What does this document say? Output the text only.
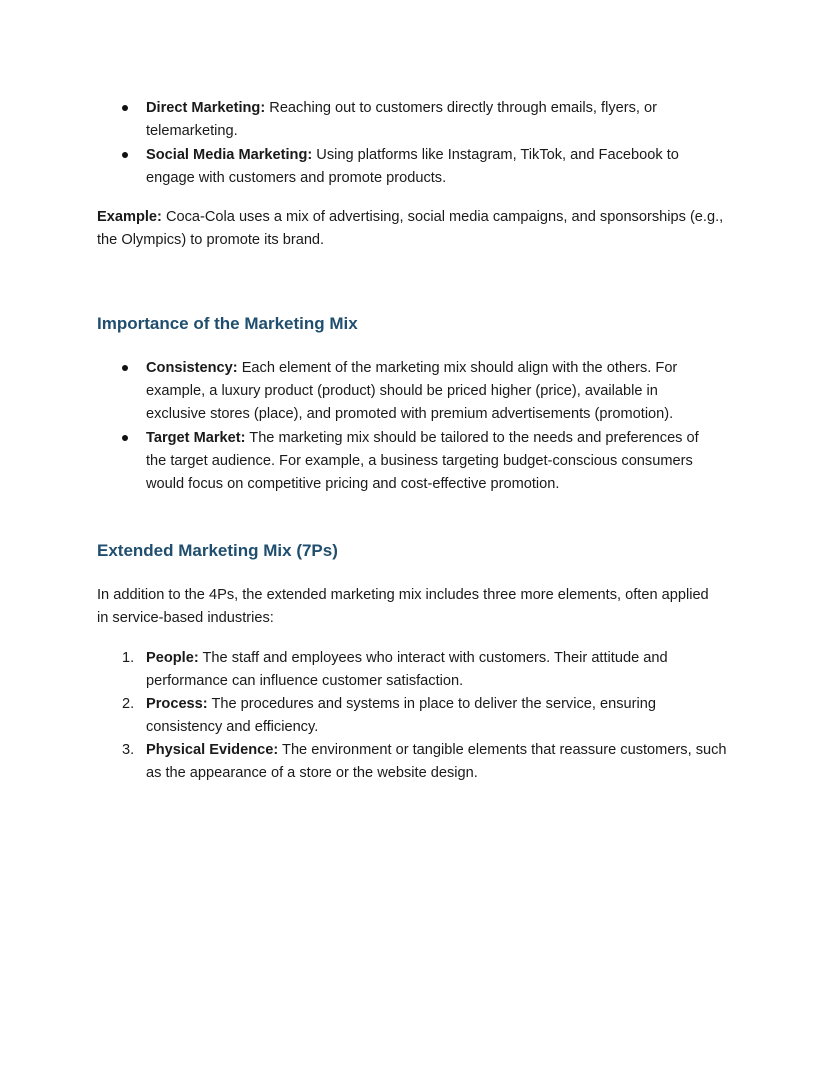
Direct Marketing: Reaching out to customers directly through emails, flyers, or
telemarketing.
Social Media Marketing: Using platforms like Instagram, TikTok, and Facebook to
engage with customers and promote products.
Example: Coca-Cola uses a mix of advertising, social media campaigns, and sponsorships (e.g.,
the Olympics) to promote its brand.
Importance of the Marketing Mix
Consistency: Each element of the marketing mix should align with the others. For
example, a luxury product (product) should be priced higher (price), available in
exclusive stores (place), and promoted with premium advertisements (promotion).
Target Market: The marketing mix should be tailored to the needs and preferences of
the target audience. For example, a business targeting budget-conscious consumers
would focus on competitive pricing and cost-effective promotion.
Extended Marketing Mix (7Ps)
In addition to the 4Ps, the extended marketing mix includes three more elements, often applied
in service-based industries:
1. People: The staff and employees who interact with customers. Their attitude and
performance can influence customer satisfaction.
2. Process: The procedures and systems in place to deliver the service, ensuring
consistency and efficiency.
3. Physical Evidence: The environment or tangible elements that reassure customers, such
as the appearance of a store or the website design.
